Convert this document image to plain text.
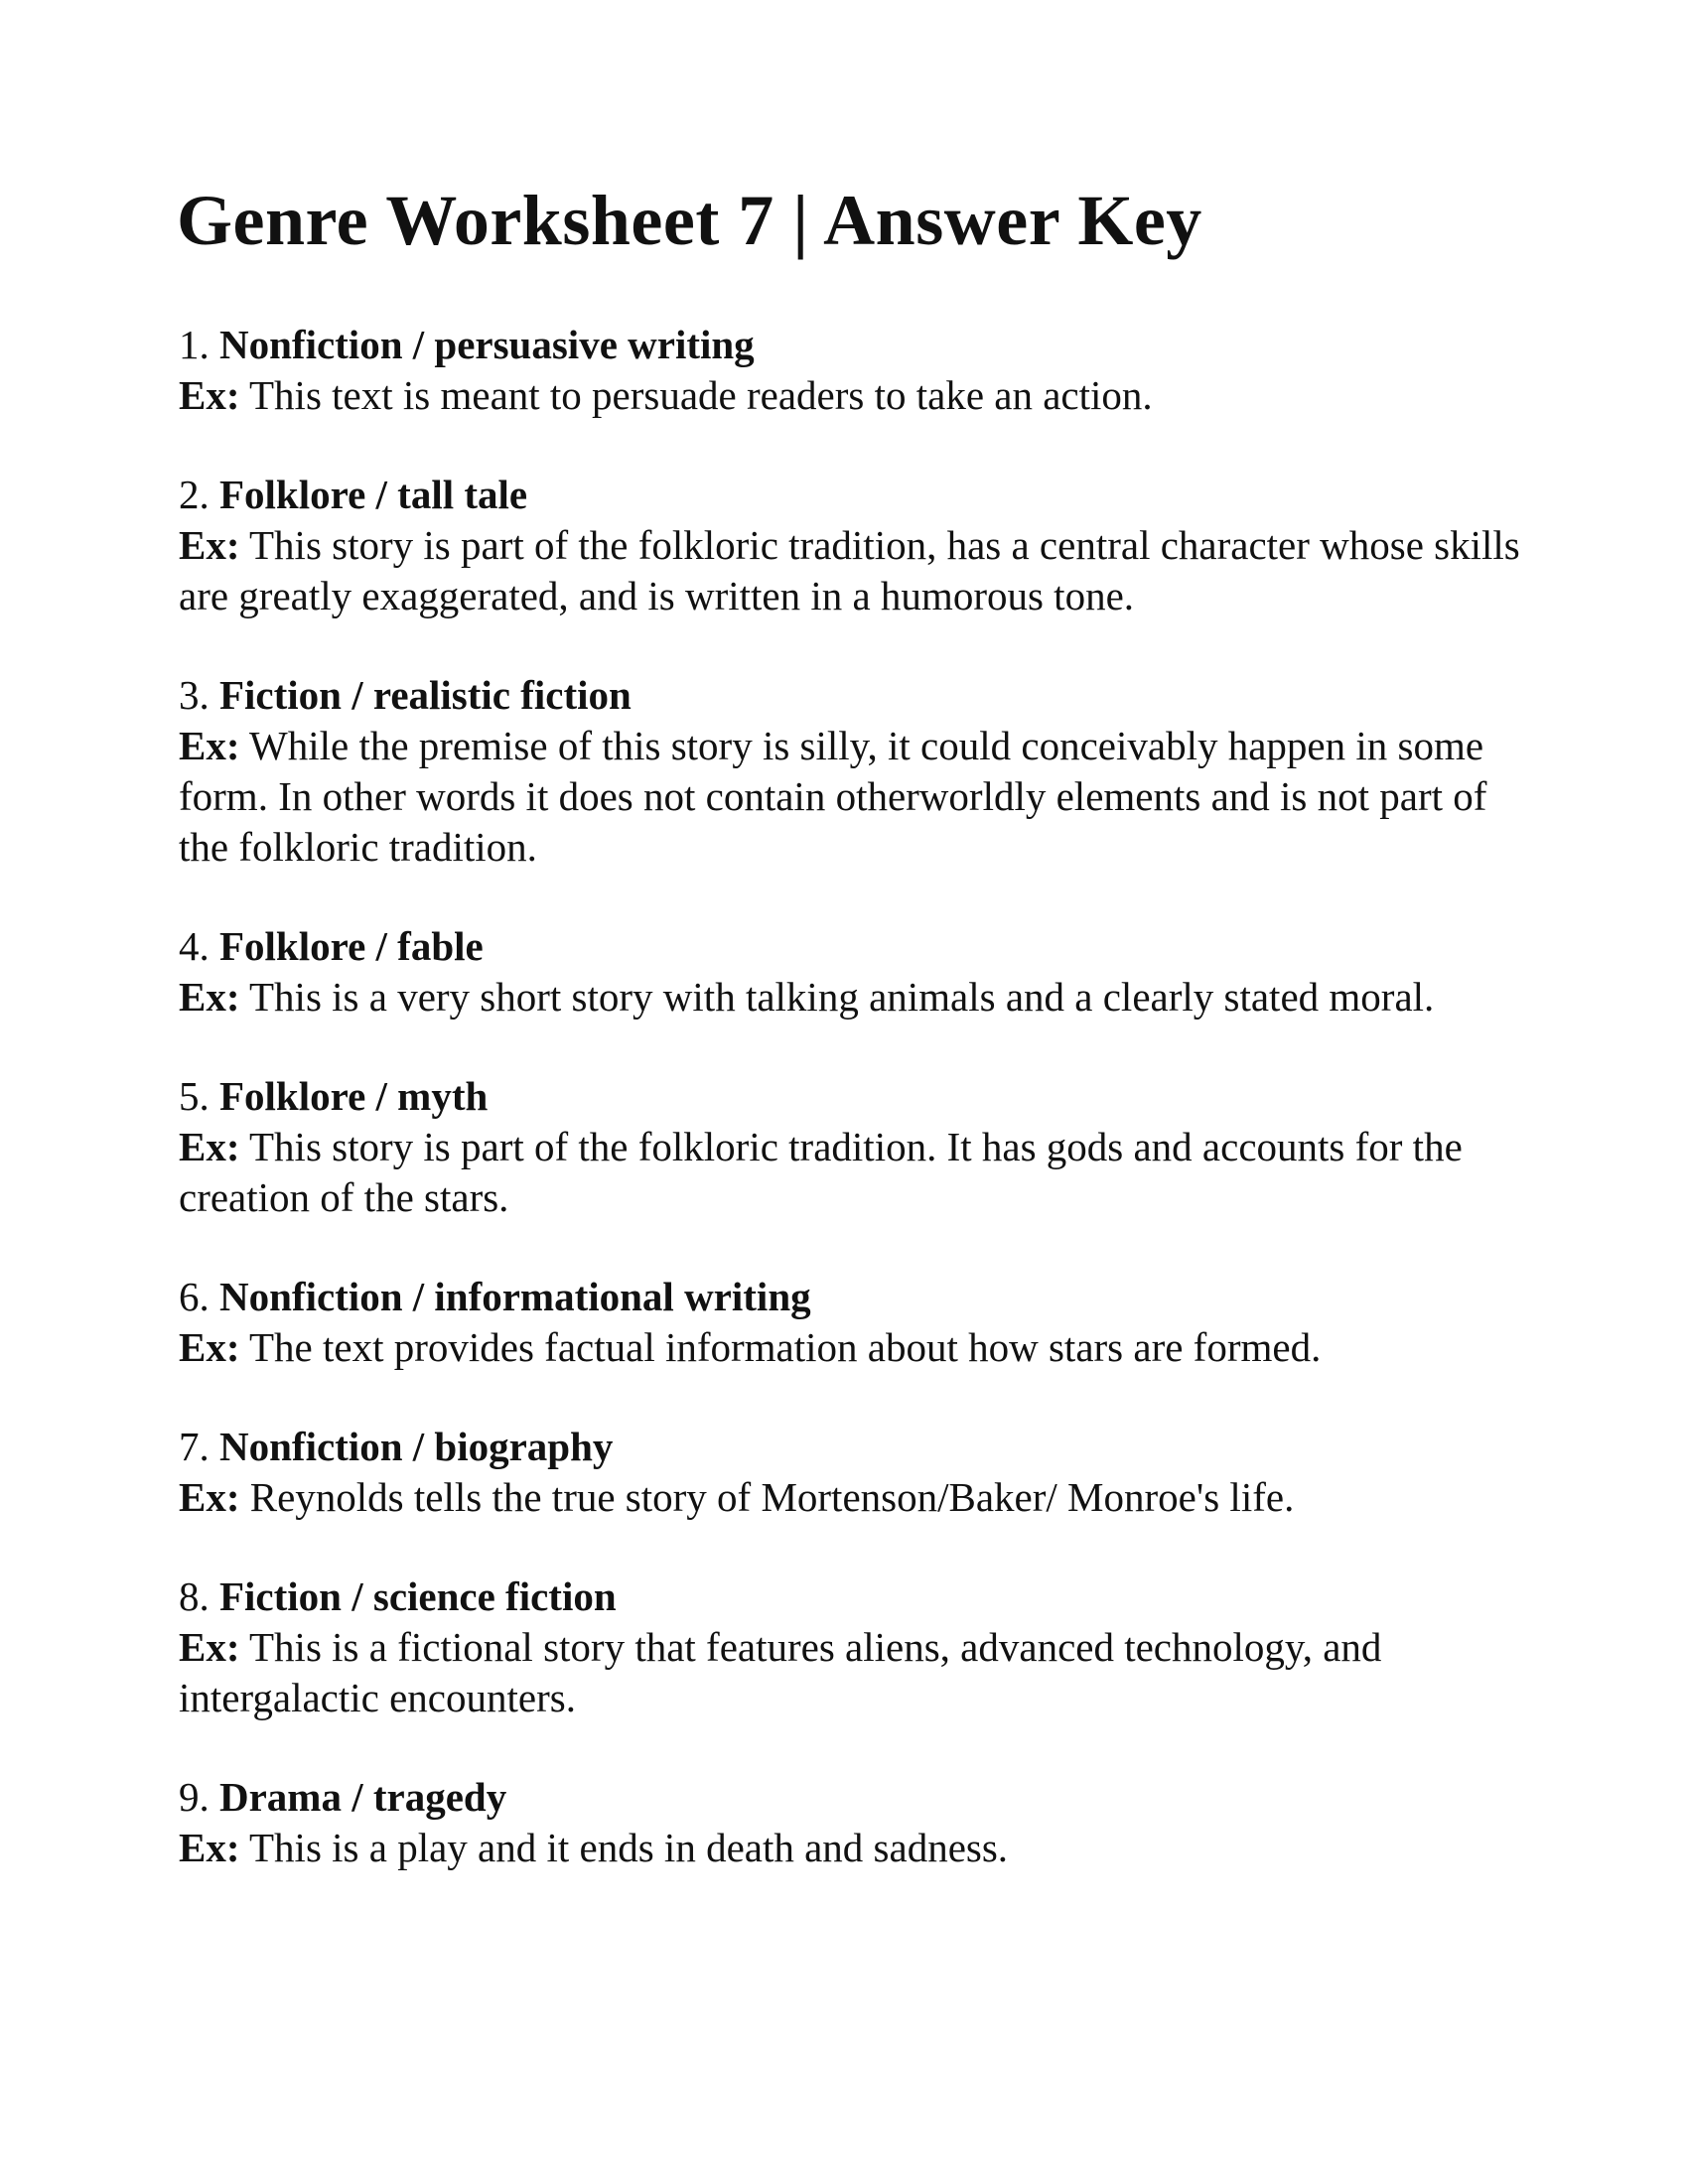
Genre Worksheet 7 | Answer Key
1. Nonfiction / persuasive writing
Ex: This text is meant to persuade readers to take an action.
2. Folklore / tall tale
Ex: This story is part of the folkloric tradition, has a central character whose skills are greatly exaggerated, and is written in a humorous tone.
3. Fiction / realistic fiction
Ex: While the premise of this story is silly, it could conceivably happen in some form. In other words it does not contain otherworldly elements and is not part of the folkloric tradition.
4. Folklore / fable
Ex: This is a very short story with talking animals and a clearly stated moral.
5. Folklore / myth
Ex: This story is part of the folkloric tradition. It has gods and accounts for the creation of the stars.
6. Nonfiction / informational writing
Ex: The text provides factual information about how stars are formed.
7. Nonfiction / biography
Ex: Reynolds tells the true story of Mortenson/Baker/ Monroe's life.
8. Fiction / science fiction
Ex: This is a fictional story that features aliens, advanced technology, and intergalactic encounters.
9. Drama / tragedy
Ex: This is a play and it ends in death and sadness.
